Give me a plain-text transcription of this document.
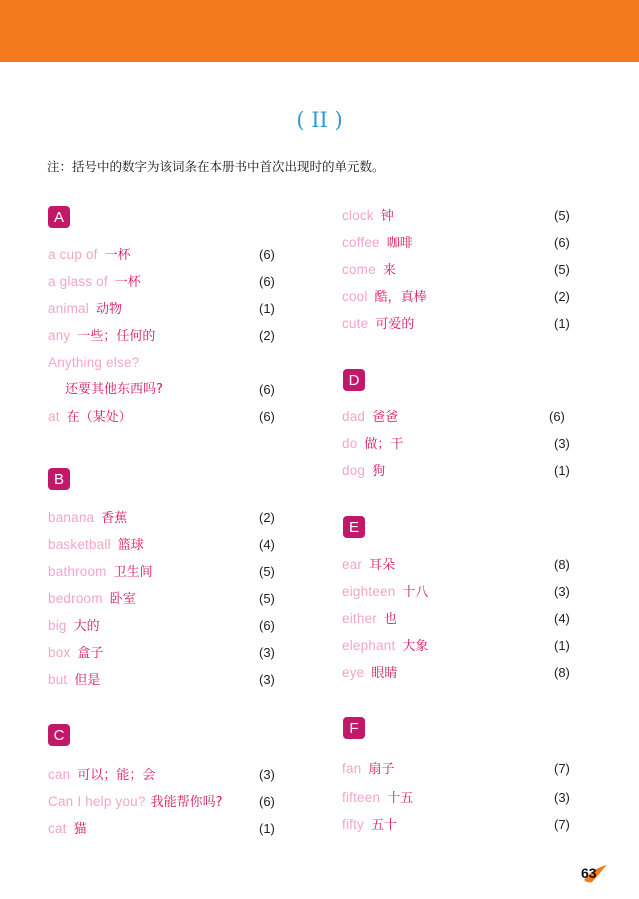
( II )
注：括号中的数字为该词条在本册书中首次出现时的单元数。
A
a cup of 一杯	(6)
a glass of 一杯	(6)
animal 动物	(1)
any 一些；任何的	(2)
Anything else?
还要其他东西吗?	(6)
at 在（某处）	(6)
B
banana 香蕉	(2)
basketball 篮球	(4)
bathroom 卫生间	(5)
bedroom 卧室	(5)
big 大的	(6)
box 盒子	(3)
but 但是	(3)
C
can 可以；能；会	(3)
Can I help you? 我能帮你吗?	(6)
cat 猫	(1)
clock 钟	(5)
coffee 咖啡	(6)
come 来	(5)
cool 酷，真棒	(2)
cute 可爱的	(1)
D
dad 爸爸	(6)
do 做；干	(3)
dog 狗	(1)
E
ear 耳朵	(8)
eighteen 十八	(3)
either 也	(4)
elephant 大象	(1)
eye 眼睛	(8)
F
fan 扇子	(7)
fifteen 十五	(3)
fifty 五十	(7)
63
